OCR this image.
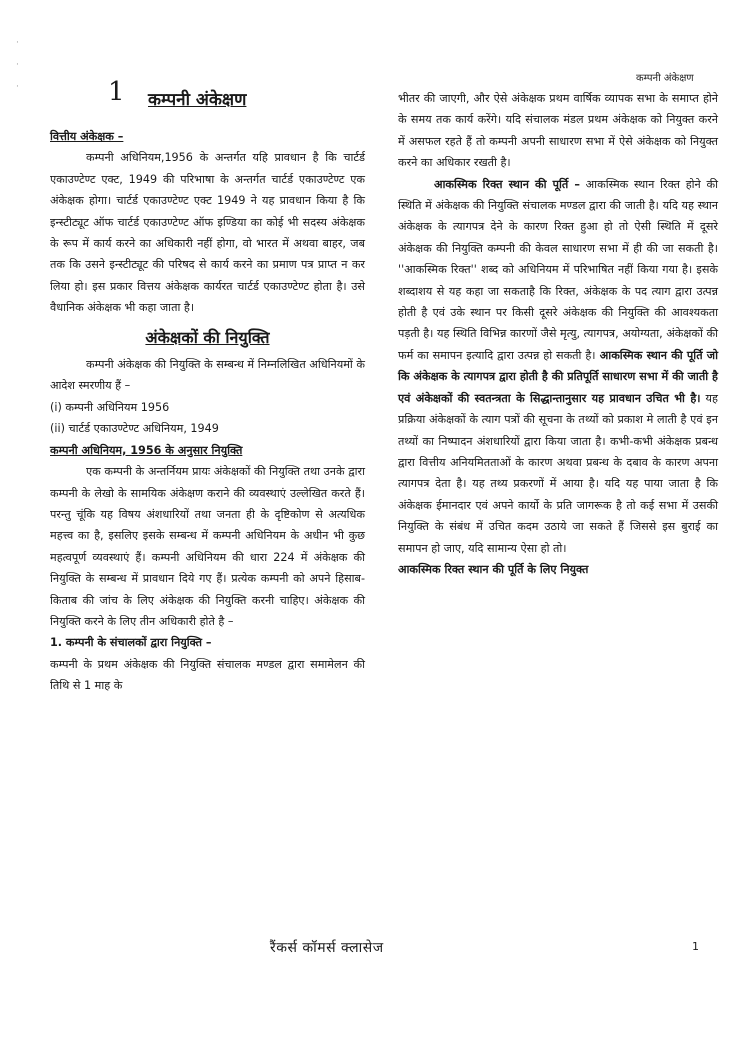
कम्पनी अंकेक्षण
·
·
·	1 कम्पनी अंकेक्षण

वित्तीय अंकेक्षक –

कम्पनी अधिनियम,1956 के अन्तर्गत यहि प्रावधान है कि चार्टर्ड एकाउण्टेण्ट एक्ट, 1949 की परिभाषा के अन्तर्गत चार्टर्ड एकाउण्टेण्ट एक अंकेक्षक होगा। चार्टर्ड एकाउण्टेण्ट एक्ट 1949 ने यह प्रावधान किया है कि इन्स्टीट्यूट ऑफ चार्टर्ड एकाउण्टेण्ट ऑफ इण्डिया का कोई भी सदस्य अंकेक्षक के रूप में कार्य करने का अधिकारी नहीं होगा, वो भारत में अथवा बाहर, जब तक कि उसने इन्स्टीट्यूट की परिषद से कार्य करने का प्रमाण पत्र प्राप्त न कर लिया हो। इस प्रकार वित्तय अंकेक्षक कार्यरत चार्टर्ड एकाउण्टेण्ट होता है। उसे वैधानिक अंकेक्षक भी कहा जाता है।

अंकेक्षकों की नियुक्ति

कम्पनी अंकेक्षक की नियुक्ति के सम्बन्ध में निम्नलिखित अधिनियमों के आदेश स्मरणीय हैं –

(i) कम्पनी अधिनियम 1956

(ii) चार्टर्ड एकाउण्टेण्ट अधिनियम, 1949

कम्पनी अधिनियम, 1956 के अनुसार नियुक्ति

एक कम्पनी के अन्तर्नियम प्रायः अंकेक्षकों की नियुक्ति तथा उनके द्वारा कम्पनी के लेखो के सामयिक अंकेक्षण कराने की व्यवस्थाएं उल्लेखित करते हैं। परन्तु चूंकि यह विषय अंशधारियों तथा जनता ही के दृष्टिकोण से अत्यधिक महत्त्व का है, इसलिए इसके सम्बन्ध में कम्पनी अधिनियम के अधीन भी कुछ महत्वपूर्ण व्यवस्थाएं हैं। कम्पनी अधिनियम की धारा 224 में अंकेक्षक की नियुक्ति के सम्बन्ध में प्रावधान दिये गए हैं। प्रत्येक कम्पनी को अपने हिसाब-किताब की जांच के लिए अंकेक्षक की नियुक्ति करनी चाहिए। अंकेक्षक की नियुक्ति करने के लिए तीन अधिकारी होते है –

1. कम्पनी के संचालकों द्वारा नियुक्ति –

कम्पनी के प्रथम अंकेक्षक की नियुक्ति संचालक मण्डल द्वारा समामेलन की तिथि से 1 माह के

भीतर की जाएगी, और ऐसे अंकेक्षक प्रथम वार्षिक व्यापक सभा के समाप्त होने के समय तक कार्य करेंगे। यदि संचालक मंडल प्रथम अंकेक्षक को नियुक्त करने में असफल रहते हैं तो कम्पनी अपनी साधारण सभा में ऐसे अंकेक्षक को नियुक्त करने का अधिकार रखती है।

आकस्मिक रिक्त स्थान की पूर्ति – आकस्मिक स्थान रिक्त होने की स्थिति में अंकेक्षक की नियुक्ति संचालक मण्डल द्वारा की जाती है। यदि यह स्थान अंकेक्षक के त्यागपत्र देने के कारण रिक्त हुआ हो तो ऐसी स्थिति में दूसरे अंकेक्षक की नियुक्ति कम्पनी की केवल साधारण सभा में ही की जा सकती है। ''आकस्मिक रिक्त'' शब्द को अधिनियम में परिभाषित नहीं किया गया है। इसके शब्दाशय से यह कहा जा सकताहै कि रिक्त, अंकेक्षक के पद त्याग द्वारा उत्पन्न होती है एवं उके स्थान पर किसी दूसरे अंकेक्षक की नियुक्ति की आवश्यकता पड़ती है। यह स्थिति विभिन्न कारणों जैसे मृत्यु, त्यागपत्र, अयोग्यता, अंकेक्षकों की फर्म का समापन इत्यादि द्वारा उत्पन्न हो सकती है। आकस्मिक स्थान की पूर्ति जो कि अंकेक्षक के त्यागपत्र द्वारा होती है की प्रतिपूर्ति साधारण सभा में की जाती है एवं अंकेक्षकों की स्वतन्त्रता के सिद्धान्तानुसार यह प्रावधान उचित भी है। यह प्रक्रिया अंकेक्षकों के त्याग पत्रों की सूचना के तथ्यों को प्रकाश मे लाती है एवं इन तथ्यों का निष्पादन अंशधारियों द्वारा किया जाता है। कभी-कभी अंकेक्षक प्रबन्ध द्वारा वित्तीय अनियमितताओं के कारण अथवा प्रबन्ध के दबाव के कारण अपना त्यागपत्र देता है। यह तथ्य प्रकरणों में आया है। यदि यह पाया जाता है कि अंकेक्षक ईमानदार एवं अपने कार्यो के प्रति जागरूक है तो कई सभा में उसकी नियुक्ति के संबंध में उचित कदम उठाये जा सकते हैं जिससे इस बुराई का समापन हो जाए, यदि सामान्य ऐसा हो तो।

आकस्मिक रिक्त स्थान की पूर्ति के लिए नियुक्त

रैंकर्स कॉमर्स क्लासेज	1
